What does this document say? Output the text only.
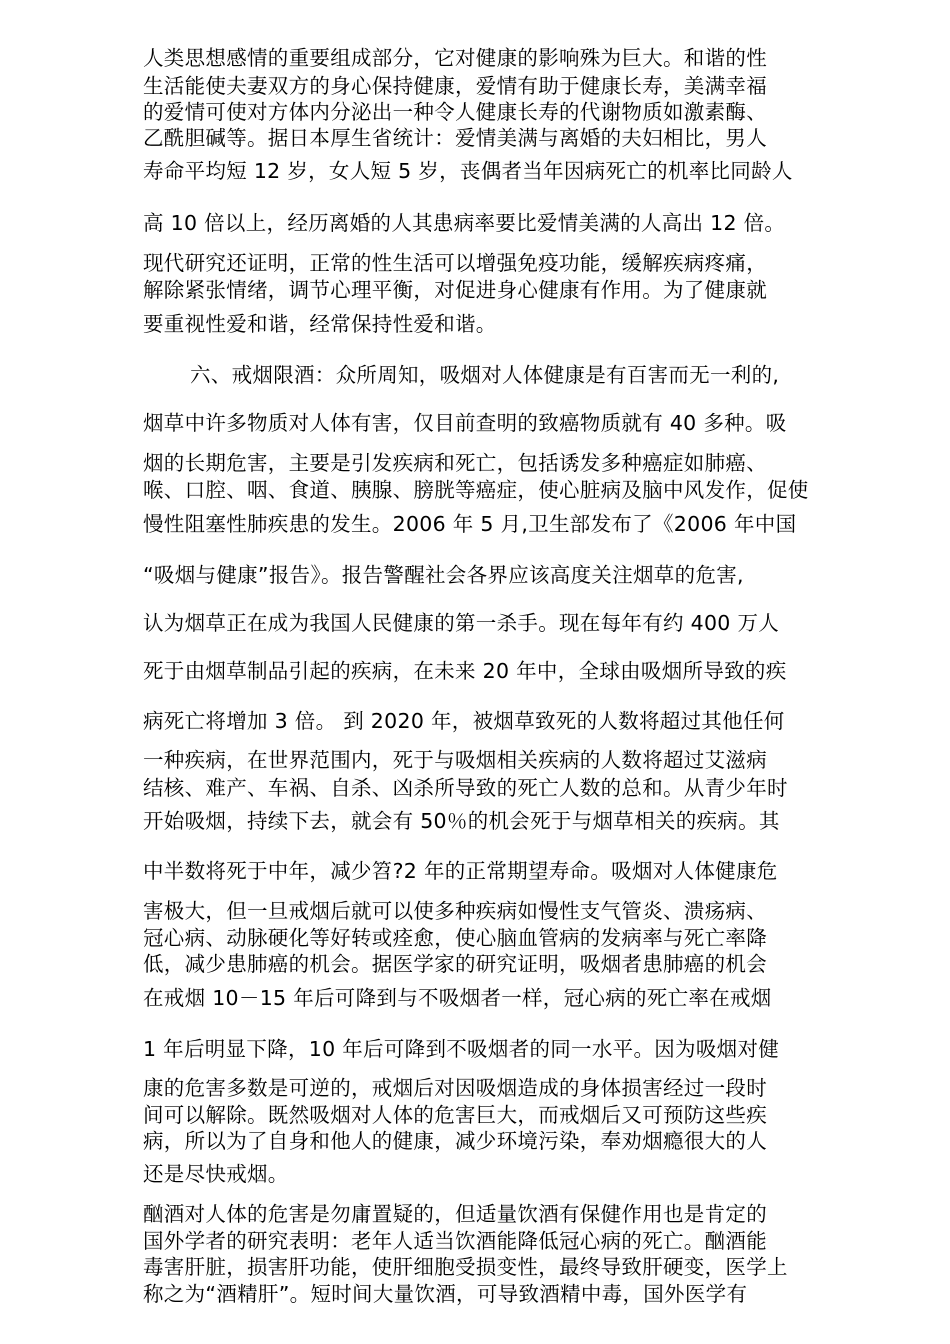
人类思想感情的重要组成部分，它对健康的影响殊为巨大。和谐的性
生活能使夫妻双方的身心保持健康，爱情有助于健康长寿，美满幸福
的爱情可使对方体内分泌出一种令人健康长寿的代谢物质如激素酶、
乙酰胆碱等。据日本厚生省统计：爱情美满与离婚的夫妇相比，男人
寿命平均短 12 岁，女人短 5 岁，丧偶者当年因病死亡的机率比同龄人
高 10 倍以上，经历离婚的人其患病率要比爱情美满的人高出 12 倍。
现代研究还证明，正常的性生活可以增强免疫功能，缓解疾病疼痛，
解除紧张情绪，调节心理平衡，对促进身心健康有作用。为了健康就
要重视性爱和谐，经常保持性爱和谐。
六、戒烟限酒：众所周知，吸烟对人体健康是有百害而无一利的,
烟草中许多物质对人体有害，仅目前查明的致癌物质就有 40 多种。吸
烟的长期危害，主要是引发疾病和死亡，包括诱发多种癌症如肺癌、
喉、口腔、咽、食道、胰腺、膀胱等癌症，使心脏病及脑中风发作，促使
慢性阻塞性肺疾患的发生。2006 年 5 月,卫生部发布了《2006 年中国
“吸烟与健康”报告》。报告警醒社会各界应该高度关注烟草的危害,
认为烟草正在成为我国人民健康的第一杀手。现在每年有约 400 万人
死于由烟草制品引起的疾病，在未来 20 年中，全球由吸烟所导致的疾
病死亡将增加 3 倍。 到 2020 年，被烟草致死的人数将超过其他任何
一种疾病，在世界范围内，死于与吸烟相关疾病的人数将超过艾滋病
结核、难产、车祸、自杀、凶杀所导致的死亡人数的总和。从青少年时
开始吸烟，持续下去，就会有 50％的机会死于与烟草相关的疾病。其
中半数将死于中年，减少笤?2 年的正常期望寿命。吸烟对人体健康危
害极大，但一旦戒烟后就可以使多种疾病如慢性支气管炎、溃疡病、
冠心病、动脉硬化等好转或痊愈，使心脑血管病的发病率与死亡率降
低，减少患肺癌的机会。据医学家的研究证明，吸烟者患肺癌的机会
在戒烟 10－15 年后可降到与不吸烟者一样，冠心病的死亡率在戒烟
1 年后明显下降，10 年后可降到不吸烟者的同一水平。因为吸烟对健
康的危害多数是可逆的，戒烟后对因吸烟造成的身体损害经过一段时
间可以解除。既然吸烟对人体的危害巨大，而戒烟后又可预防这些疾
病，所以为了自身和他人的健康，减少环境污染，奉劝烟瘾很大的人
还是尽快戒烟。
酗酒对人体的危害是勿庸置疑的，但适量饮酒有保健作用也是肯定的
国外学者的研究表明：老年人适当饮酒能降低冠心病的死亡。酗酒能
毒害肝脏，损害肝功能，使肝细胞受损变性，最终导致肝硬变，医学上
称之为“酒精肝”。短时间大量饮酒，可导致酒精中毒，国外医学有
